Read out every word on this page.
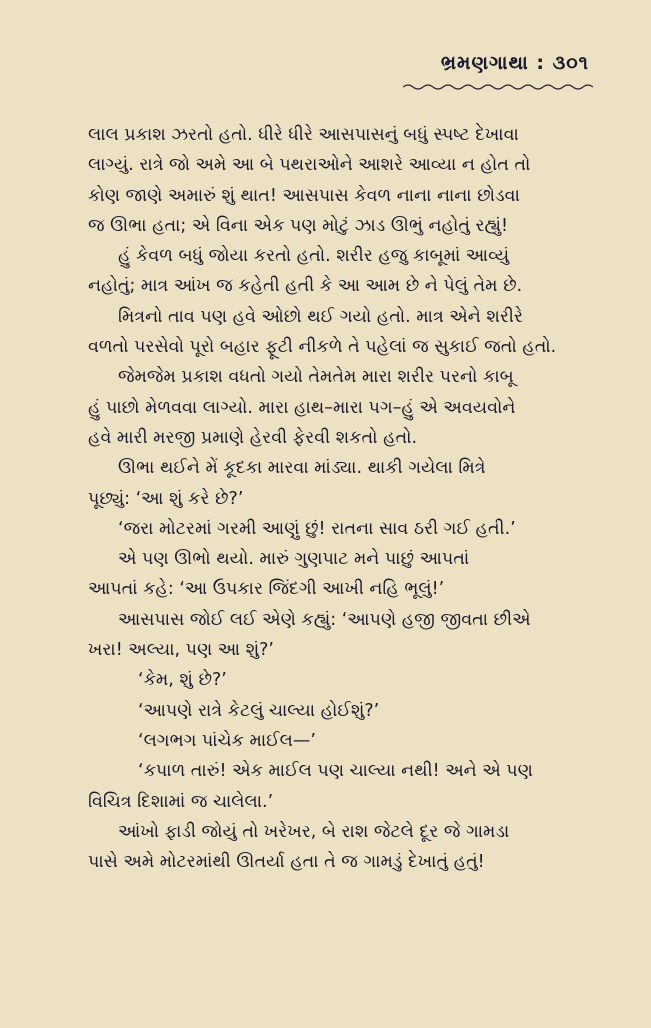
ભ્રમણગાથા : ૩૦૧
લાલ પ્રકાશ ઝરતો હતો. ધીરે ધીરે આસપાસનું બધું સ્પષ્ટ દેખાવા
લાગ્યું. રાત્રે જો અમે આ બે પથરાઓને આશરે આવ્યા ન હોત તો
કોણ જાણે અમારું શું થાત! આસપાસ કેવળ નાના નાના છોડવા
જ ઊભા હતા; એ વિના એક પણ મોટું ઝાડ ઊભું નહોતું રહ્યું!
હું કેવળ બધું જોયા કરતો હતો. શરીર હજુ કાબૂમાં આવ્યું
નહોતું; માત્ર આંખ જ કહેતી હતી કે આ આમ છે ને પેલું તેમ છે.
મિત્રનો તાવ પણ હવે ઓછો થઈ ગયો હતો. માત્ર એને શરીરે
વળતો પરસેવો પૂરો બહાર ફૂટી નીકળે તે પહેલાં જ સુકાઈ જતો હતો.
જેમજેમ પ્રકાશ વધતો ગયો તેમતેમ મારા શરીર પરનો કાબૂ
હું પાછો મેળવવા લાગ્યો. મારા હાથ–મારા પગ–હું એ અવયવોને
હવે મારી મરજી પ્રમાણે હેરવી ફેરવી શકતો હતો.
ઊભા થઈને મેં કૂદકા મારવા માંડ્યા. થાકી ગયેલા મિત્રે
પૂછ્યું: ‘આ શું કરે છે?’
‘જરા મોટરમાં ગરમી આણું છું! રાતના સાવ ઠરી ગઈ હતી.’
એ પણ ઊભો થયો. મારું ગુણપાટ મને પાછું આપતાં
આપતાં કહે: ‘આ ઉપકાર જિંદગી આખી નહિ ભૂલું!’
આસપાસ જોઈ લઈ એણે કહ્યું: ‘આપણે હજી જીવતા છીએ
ખરા! અલ્યા, પણ આ શું?’
‘કેમ, શું છે?’
‘આપણે રાત્રે કેટલું ચાલ્યા હોઈશું?’
‘લગભગ પાંચેક માઈલ—’
‘કપાળ તારું! એક માઈલ પણ ચાલ્યા નથી! અને એ પણ
વિચિત્ર દિશામાં જ ચાલેલા.’
આંખો ફાડી જોયું તો ખરેખર, બે રાશ જેટલે દૂર જે ગામડા
પાસે અમે મોટરમાંથી ઊતર્યા હતા તે જ ગામડું દેખાતું હતું!
